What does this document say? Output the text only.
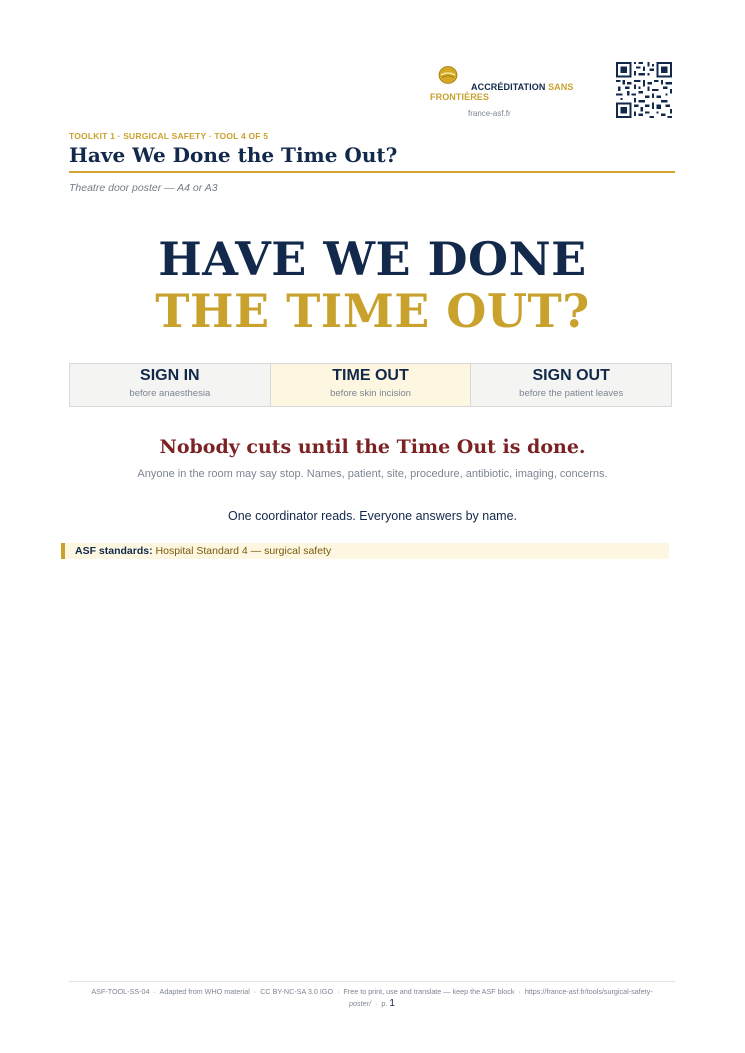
ACCRÉDITATION SANS
FRONTIÈRES
france-asf.fr
TOOLKIT 1 · SURGICAL SAFETY · TOOL 4 OF 5
Have We Done the Time Out?
Theatre door poster — A4 or A3
HAVE WE DONE
THE TIME OUT?
SIGN IN
before anaesthesia
TIME OUT
before skin incision
SIGN OUT
before the patient leaves
Nobody cuts until the Time Out is done.
Anyone in the room may say stop. Names, patient, site, procedure, antibiotic, imaging, concerns.
One coordinator reads. Everyone answers by name.
ASF standards: Hospital Standard 4 — surgical safety
ASF-TOOL-SS-04  ·  Adapted from WHO material  ·  CC BY-NC-SA 3.0 IGO  ·  Free to print, use and translate — keep the ASF block  ·  https://france-asf.fr/tools/surgical-safety-
poster/  ·  p. 1
